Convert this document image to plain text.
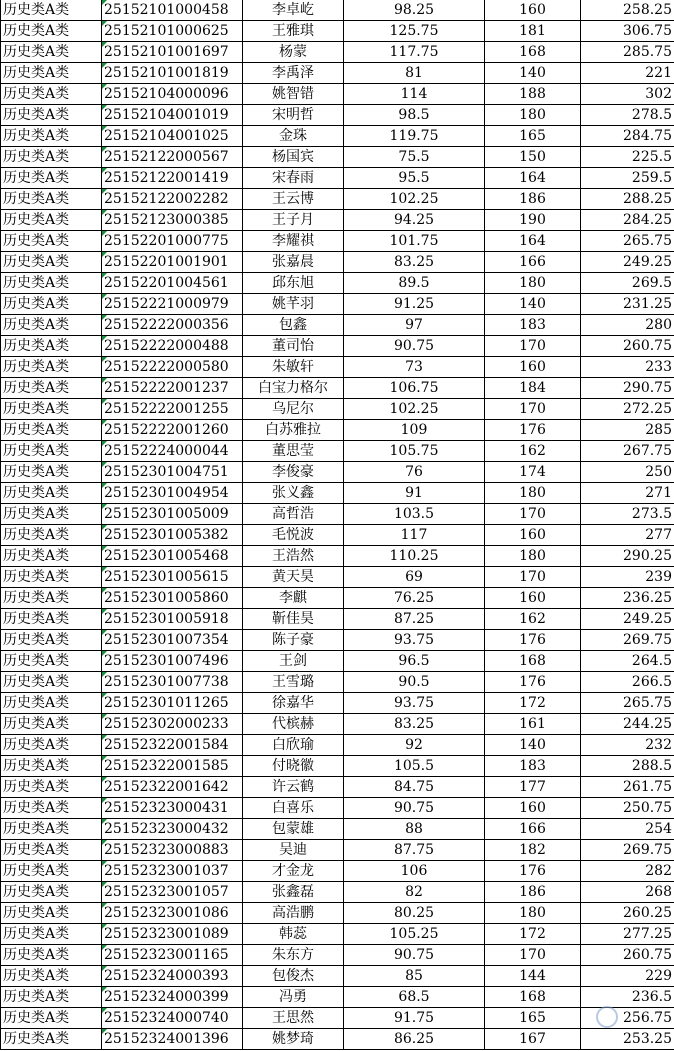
历史类A类	25152101000458	李卓屹	98.25	160	258.25
历史类A类	25152101000625	王雅琪	125.75	181	306.75
历史类A类	25152101001697	杨蒙	117.75	168	285.75
历史类A类	25152101001819	李禹泽	81	140	221
历史类A类	25152104000096	姚智错	114	188	302
历史类A类	25152104001019	宋明哲	98.5	180	278.5
历史类A类	25152104001025	金珠	119.75	165	284.75
历史类A类	25152122000567	杨国宾	75.5	150	225.5
历史类A类	25152122001419	宋春雨	95.5	164	259.5
历史类A类	25152122002282	王云博	102.25	186	288.25
历史类A类	25152123000385	王子月	94.25	190	284.25
历史类A类	25152201000775	李耀祺	101.75	164	265.75
历史类A类	25152201001901	张嘉晨	83.25	166	249.25
历史类A类	25152201004561	邱东旭	89.5	180	269.5
历史类A类	25152221000979	姚芊羽	91.25	140	231.25
历史类A类	25152222000356	包鑫	97	183	280
历史类A类	25152222000488	董司怡	90.75	170	260.75
历史类A类	25152222000580	朱敏轩	73	160	233
历史类A类	25152222001237	白宝力格尔	106.75	184	290.75
历史类A类	25152222001255	乌尼尔	102.25	170	272.25
历史类A类	25152222001260	白苏雅拉	109	176	285
历史类A类	25152224000044	董思莹	105.75	162	267.75
历史类A类	25152301004751	李俊豪	76	174	250
历史类A类	25152301004954	张义鑫	91	180	271
历史类A类	25152301005009	高哲浩	103.5	170	273.5
历史类A类	25152301005382	毛悦波	117	160	277
历史类A类	25152301005468	王浩然	110.25	180	290.25
历史类A类	25152301005615	黄天昊	69	170	239
历史类A类	25152301005860	李麒	76.25	160	236.25
历史类A类	25152301005918	靳佳昊	87.25	162	249.25
历史类A类	25152301007354	陈子豪	93.75	176	269.75
历史类A类	25152301007496	王剑	96.5	168	264.5
历史类A类	25152301007738	王雪璐	90.5	176	266.5
历史类A类	25152301011265	徐嘉华	93.75	172	265.75
历史类A类	25152302000233	代槟赫	83.25	161	244.25
历史类A类	25152322001584	白欣瑜	92	140	232
历史类A类	25152322001585	付晓徽	105.5	183	288.5
历史类A类	25152322001642	许云鹤	84.75	177	261.75
历史类A类	25152323000431	白喜乐	90.75	160	250.75
历史类A类	25152323000432	包蒙雄	88	166	254
历史类A类	25152323000883	吴迪	87.75	182	269.75
历史类A类	25152323001037	才金龙	106	176	282
历史类A类	25152323001057	张鑫磊	82	186	268
历史类A类	25152323001086	高浩鹏	80.25	180	260.25
历史类A类	25152323001089	韩蕊	105.25	172	277.25
历史类A类	25152323001165	朱东方	90.75	170	260.75
历史类A类	25152324000393	包俊杰	85	144	229
历史类A类	25152324000399	冯勇	68.5	168	236.5
历史类A类	25152324000740	王思然	91.75	165	256.75
历史类A类	25152324001396	姚梦琦	86.25	167	253.25
